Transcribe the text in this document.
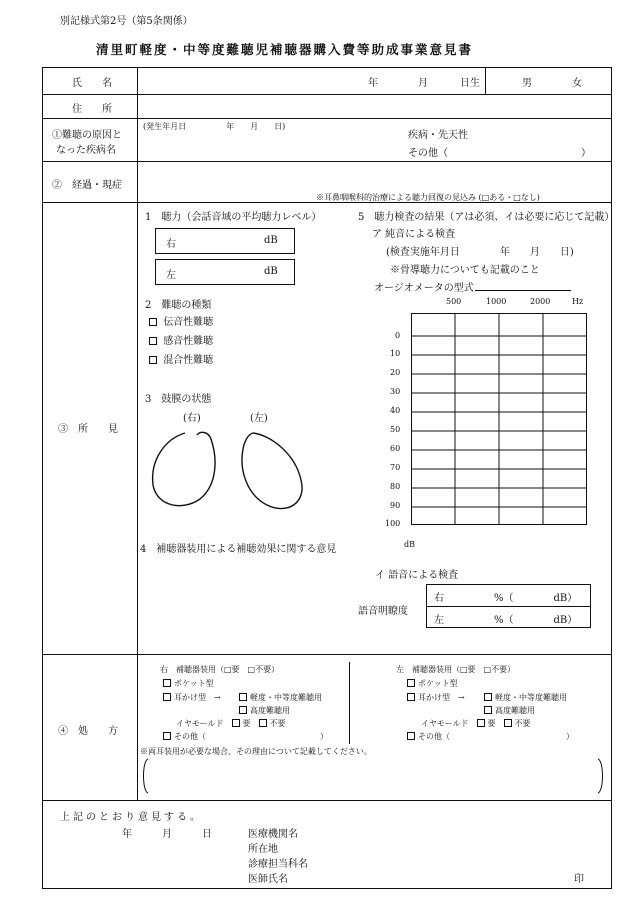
別記様式第2号（第5条関係）
清里町軽度・中等度難聴児補聴器購入費等助成事業意見書
氏　　名	年	月	日生	男	女
住　　所
①難聴の原因と
なった疾病名
(発生年月日　　　　　年　　月　　日)
疾病・先天性
その他（	）
②　経過・現症
※耳鼻咽喉科的治療による聴力回復の見込み (□ある・□なし)
③　所　　見
1　聴力（会話音域の平均聴力レベル）
右	dB
左	dB
2　難聴の種類
伝音性難聴
感音性難聴
混合性難聴
3　鼓膜の状態
(右)	(左)
4　補聴器装用による補聴効果に関する意見
5　聴力検査の結果（アは必須、イは必要に応じて記載）
ア 純音による検査
(検査実施年月日　　　　年　　月　　日)
※骨導聴力についても記載のこと
オージオメータの型式
500	1000	2000	Hz
0
10
20
30
40
50
60
70
80
90
100
dB
イ 語音による検査
語音明瞭度
右　　　　　%（　　　　dB）
左　　　　　%（　　　　dB）
④　処　　方
右　補聴器装用（□要　□不要）
ポケット型
耳かけ型　→	軽度・中等度難聴用
高度難聴用
イヤモールド　 要　 不要
その他（	）
左　補聴器装用（□要　□不要）
ポケット型
耳かけ型　→	軽度・中等度難聴用
高度難聴用
イヤモールド　 要　 不要
その他（	）
※両耳装用が必要な場合、その理由について記載してください。
上記のとおり意見する。
年　　　月　　　日	医療機関名
所在地
診療担当科名
医師氏名	印
